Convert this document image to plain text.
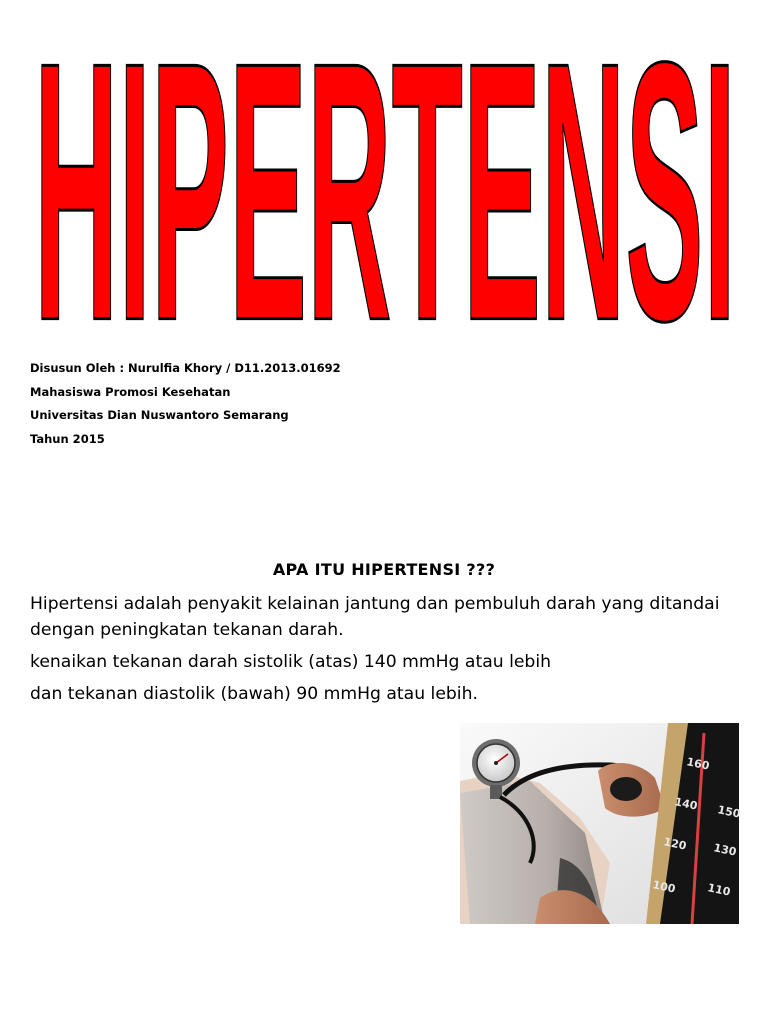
HIPERTENSI
Disusun Oleh : Nurulfia Khory / D11.2013.01692
Mahasiswa Promosi Kesehatan
Universitas Dian Nuswantoro Semarang
Tahun 2015
APA ITU HIPERTENSI ???

Hipertensi adalah penyakit kelainan jantung dan pembuluh darah yang ditandai dengan peningkatan tekanan darah.

kenaikan tekanan darah sistolik (atas) 140 mmHg atau lebih

dan tekanan diastolik (bawah) 90 mmHg atau lebih.

160
140
120
100
150
130
110
